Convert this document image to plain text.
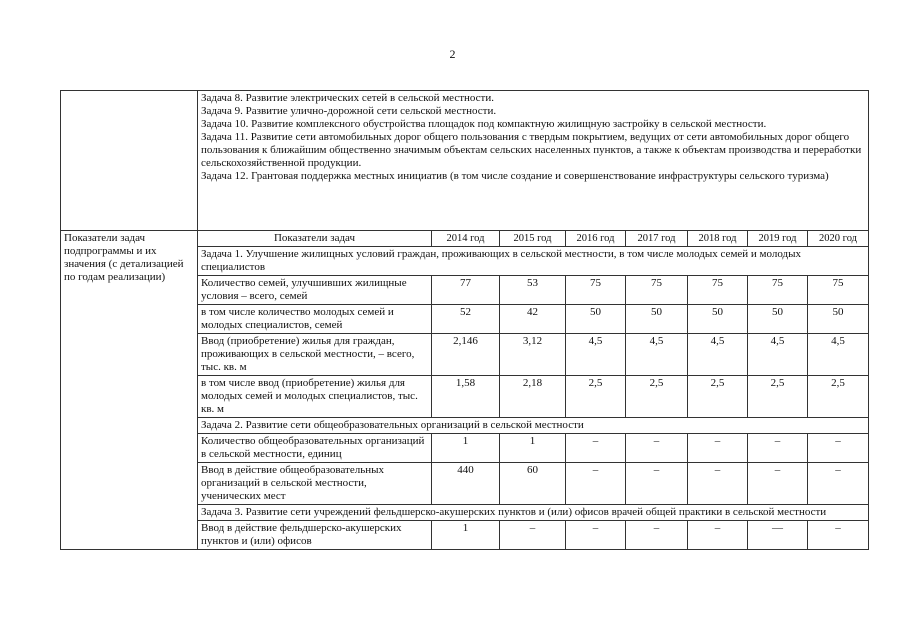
2

	Задача 8. Развитие электрических сетей в сельской местности.
Задача 9. Развитие улично-дорожной сети сельской местности.
Задача 10. Развитие комплексного обустройства площадок под компактную жилищную застройку в сельской местности.
Задача 11. Развитие сети автомобильных дорог общего пользования с твердым покрытием, ведущих от сети автомобильных дорог общего пользования к ближайшим общественно значимым объектам сельских населенных пунктов, а также к объектам производства и переработки сельскохозяйственной продукции.
Задача 12. Грантовая поддержка местных инициатив (в том числе создание и совершенствование инфраструктуры сельского туризма)							

Показатели задач подпрограммы и их значения (с детализацией по годам реализации)	Показатели задач	2014 год	2015 год	2016 год	2017 год	2018 год	2019 год	2020 год
	Задача 1. Улучшение жилищных условий граждан, проживающих в сельской местности, в том числе молодых семей и молодых специалистов							
	Количество семей, улучшивших жилищные условия – всего, семей	77	53	75	75	75	75	75
	в том числе количество молодых семей и молодых специалистов, семей	52	42	50	50	50	50	50
	Ввод (приобретение) жилья для граждан, проживающих в сельской местности, – всего, тыс. кв. м	2,146	3,12	4,5	4,5	4,5	4,5	4,5
	в том числе ввод (приобретение) жилья для молодых семей и молодых специалистов, тыс. кв. м	1,58	2,18	2,5	2,5	2,5	2,5	2,5
	Задача 2. Развитие сети общеобразовательных организаций в сельской местности							
	Количество общеобразовательных организаций в сельской местности, единиц	1	1	–	–	–	–	–
	Ввод в действие общеобразовательных организаций в сельской местности, ученических мест	440	60	–	–	–	–	–
	Задача 3. Развитие сети учреждений фельдшерско-акушерских пунктов и (или) офисов врачей общей практики в сельской местности							
	Ввод в действие фельдшерско-акушерских пунктов и (или) офисов	1	–	–	–	–	—	–
